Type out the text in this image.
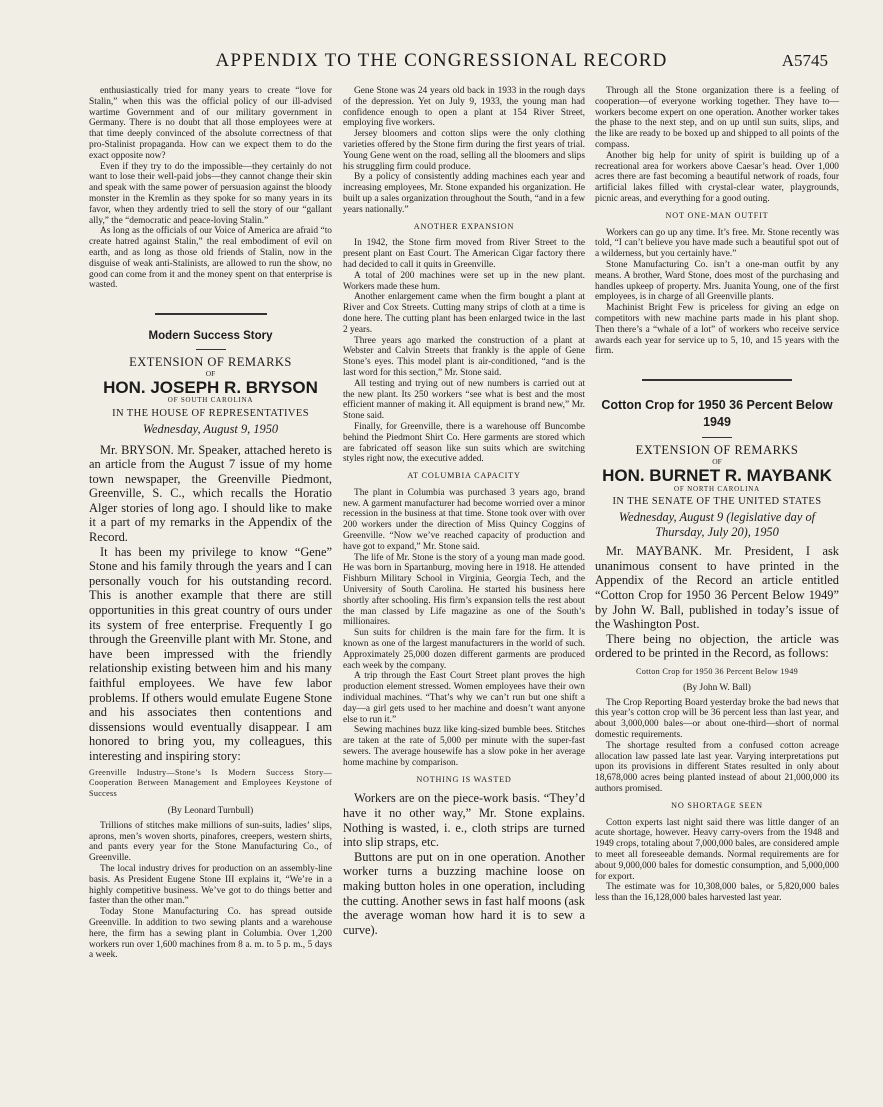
APPENDIX TO THE CONGRESSIONAL RECORD	A5745

enthusiastically tried for many years to create “love for Stalin,” when this was the official policy of our ill-advised wartime Government and of our military government in Germany. There is no doubt that all those employees were at that time deeply convinced of the absolute correctness of that pro-Stalinist propaganda. How can we expect them to do the exact opposite now?

Even if they try to do the impossible—they certainly do not want to lose their well-paid jobs—they cannot change their skin and speak with the same power of persuasion against the bloody monster in the Kremlin as they spoke for so many years in its favor, when they ardently tried to sell the story of our “gallant ally,” the “democratic and peace-loving Stalin.”

As long as the officials of our Voice of America are afraid “to create hatred against Stalin,” the real embodiment of evil on earth, and as long as those old friends of Stalin, now in the disguise of weak anti-Stalinists, are allowed to run the show, no good can come from it and the money spent on that enterprise is wasted.

Modern Success Story

EXTENSION OF REMARKS

OF

HON. JOSEPH R. BRYSON

OF SOUTH CAROLINA

IN THE HOUSE OF REPRESENTATIVES

Wednesday, August 9, 1950

Mr. BRYSON. Mr. Speaker, attached hereto is an article from the August 7 issue of my home town newspaper, the Greenville Piedmont, Greenville, S. C., which recalls the Horatio Alger stories of long ago. I should like to make it a part of my remarks in the Appendix of the Record.

It has been my privilege to know “Gene” Stone and his family through the years and I can personally vouch for his outstanding record. This is another example that there are still opportunities in this great country of ours under its system of free enterprise. Frequently I go through the Greenville plant with Mr. Stone, and have been impressed with the friendly relationship existing between him and his many faithful employees. We have few labor problems. If others would emulate Eugene Stone and his associates then contentions and dissensions would eventually disappear. I am honored to bring you, my colleagues, this interesting and inspiring story:

Greenville Industry—Stone’s Is Modern Success Story—Cooperation Between Management and Employees Keystone of Success

(By Leonard Turnbull)

Trillions of stitches make millions of sun-suits, ladies’ slips, aprons, men’s woven shorts, pinafores, creepers, western shirts, and pants every year for the Stone Manufacturing Co., of Greenville.

The local industry drives for production on an assembly-line basis. As President Eugene Stone III explains it, “We’re in a highly competitive business. We’ve got to do things better and faster than the other man.”

Today Stone Manufacturing Co. has spread outside Greenville. In addition to two sewing plants and a warehouse here, the firm has a sewing plant in Columbia. Over 1,200 workers run over 1,600 machines from 8 a. m. to 5 p. m., 5 days a week.

Gene Stone was 24 years old back in 1933 in the rough days of the depression. Yet on July 9, 1933, the young man had confidence enough to open a plant at 154 River Street, employing five workers.

Jersey bloomers and cotton slips were the only clothing varieties offered by the Stone firm during the first years of trial. Young Gene went on the road, selling all the bloomers and slips his struggling firm could produce.

By a policy of consistently adding machines each year and increasing employees, Mr. Stone expanded his organization. He built up a sales organization throughout the South, “and in a few years nationally.”

ANOTHER EXPANSION

In 1942, the Stone firm moved from River Street to the present plant on East Court. The American Cigar factory there had decided to call it quits in Greenville.

A total of 200 machines were set up in the new plant. Workers made these hum.

Another enlargement came when the firm bought a plant at River and Cox Streets. Cutting many strips of cloth at a time is done here. The cutting plant has been enlarged twice in the last 2 years.

Three years ago marked the construction of a plant at Webster and Calvin Streets that frankly is the apple of Gene Stone’s eyes. This model plant is air-conditioned, “and is the last word for this section,” Mr. Stone said.

All testing and trying out of new numbers is carried out at the new plant. Its 250 workers “see what is best and the most efficient manner of making it. All equipment is brand new,” Mr. Stone said.

Finally, for Greenville, there is a warehouse off Buncombe behind the Piedmont Shirt Co. Here garments are stored which are fabricated off season like sun suits which are switching styles right now, the executive added.

AT COLUMBIA CAPACITY

The plant in Columbia was purchased 3 years ago, brand new. A garment manufacturer had become worried over a minor recession in the business at that time. Stone took over with over 200 workers under the direction of Miss Quincy Coggins of Greenville. “Now we’ve reached capacity of production and have got to expand,” Mr. Stone said.

The life of Mr. Stone is the story of a young man made good. He was born in Spartanburg, moving here in 1918. He attended Fishburn Military School in Virginia, Georgia Tech, and the University of South Carolina. He started his business here shortly after schooling. His firm’s expansion tells the rest about the man classed by Life magazine as one of the South’s millionaires.

Sun suits for children is the main fare for the firm. It is known as one of the largest manufacturers in the world of such. Approximately 25,000 dozen different garments are produced each week by the company.

A trip through the East Court Street plant proves the high production element stressed. Women employees have their own individual machines. “That’s why we can’t run but one shift a day—a girl gets used to her machine and doesn’t want anyone else to run it.”

Sewing machines buzz like king-sized bumble bees. Stitches are taken at the rate of 5,000 per minute with the super-fast sewers. The average housewife has a slow poke in her average home machine by comparison.

NOTHING IS WASTED

Workers are on the piece-work basis. “They’d have it no other way,” Mr. Stone explains. Nothing is wasted, i. e., cloth strips are turned into slip straps, etc.

Buttons are put on in one operation. Another worker turns a buzzing machine loose on making button holes in one operation, including the cutting. Another sews in fast half moons (ask the average woman how hard it is to sew a curve).

Through all the Stone organization there is a feeling of cooperation—of everyone working together. They have to—workers become expert on one operation. Another worker takes the phase to the next step, and on up until sun suits, slips, and the like are ready to be boxed up and shipped to all points of the compass.

Another big help for unity of spirit is building up of a recreational area for workers above Caesar’s head. Over 1,000 acres there are fast becoming a beautiful network of roads, four artificial lakes filled with crystal-clear water, playgrounds, picnic areas, and everything for a good outing.

NOT ONE-MAN OUTFIT

Workers can go up any time. It’s free. Mr. Stone recently was told, “I can’t believe you have made such a beautiful spot out of a wilderness, but you certainly have.”

Stone Manufacturing Co. isn’t a one-man outfit by any means. A brother, Ward Stone, does most of the purchasing and handles upkeep of property. Mrs. Juanita Young, one of the first employees, is in charge of all Greenville plants.

Machinist Bright Few is priceless for giving an edge on competitors with new machine parts made in his plant shop. Then there’s a “whale of a lot” of workers who receive service awards each year for service up to 5, 10, and 15 years with the firm.

Cotton Crop for 1950 36 Percent Below 1949

EXTENSION OF REMARKS

OF

HON. BURNET R. MAYBANK

OF NORTH CAROLINA

IN THE SENATE OF THE UNITED STATES

Wednesday, August 9 (legislative day of Thursday, July 20), 1950

Mr. MAYBANK. Mr. President, I ask unanimous consent to have printed in the Appendix of the Record an article entitled “Cotton Crop for 1950 36 Percent Below 1949” by John W. Ball, published in today’s issue of the Washington Post.

There being no objection, the article was ordered to be printed in the Record, as follows:

Cotton Crop for 1950 36 Percent Below 1949

(By John W. Ball)

The Crop Reporting Board yesterday broke the bad news that this year’s cotton crop will be 36 percent less than last year, and about 3,000,000 bales—or about one-third—short of normal domestic requirements.

The shortage resulted from a confused cotton acreage allocation law passed late last year. Varying interpretations put upon its provisions in different States resulted in only about 18,678,000 acres being planted instead of about 21,000,000 its authors promised.

NO SHORTAGE SEEN

Cotton experts last night said there was little danger of an acute shortage, however. Heavy carry-overs from the 1948 and 1949 crops, totaling about 7,000,000 bales, are considered ample to meet all foreseeable demands. Normal requirements are for about 9,000,000 bales for domestic consumption, and 5,000,000 for export.

The estimate was for 10,308,000 bales, or 5,820,000 bales less than the 16,128,000 bales harvested last year.
